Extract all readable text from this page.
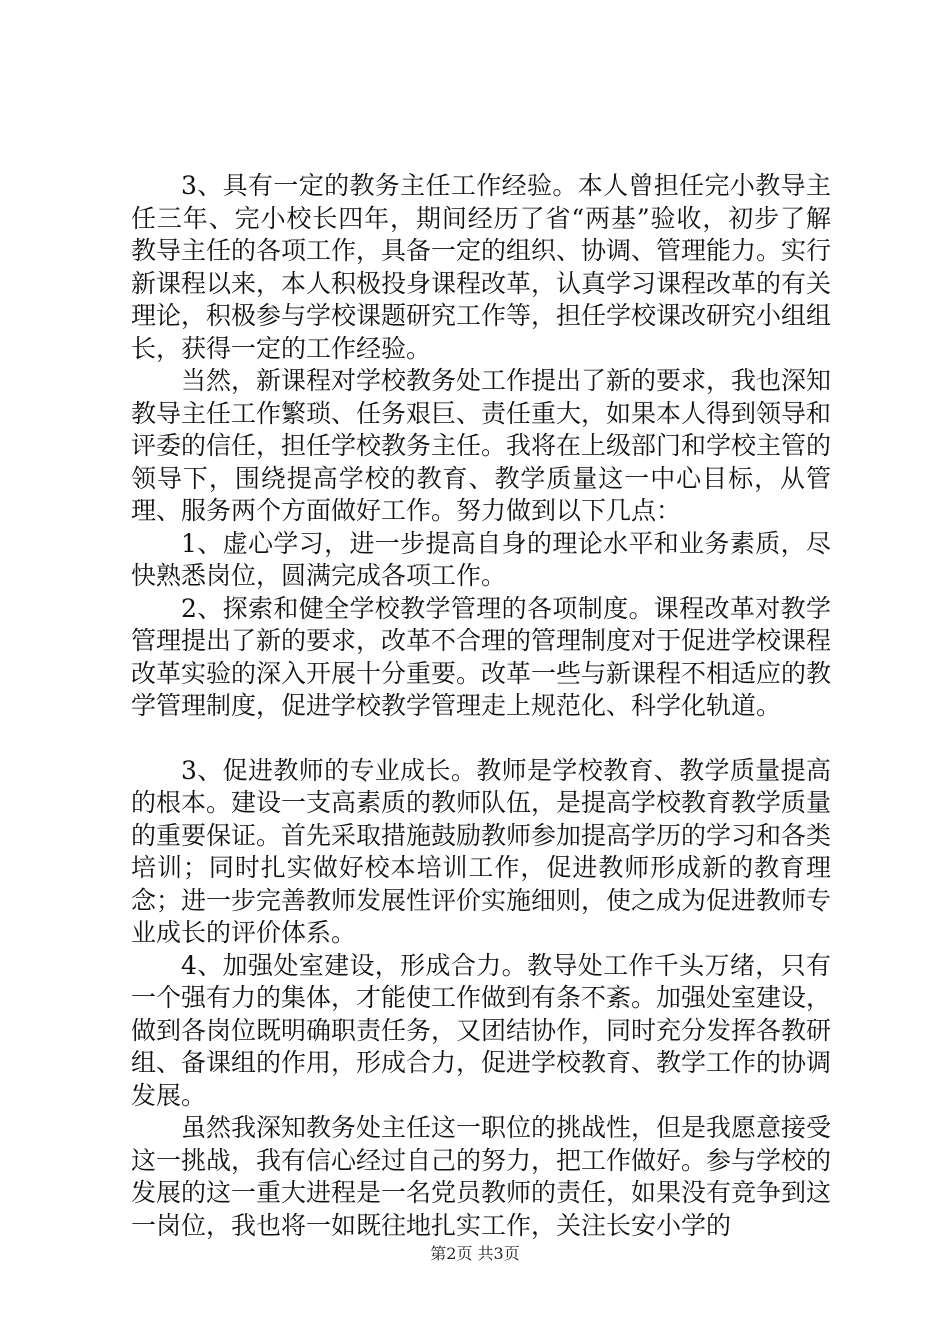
3、具有一定的教务主任工作经验。本人曾担任完小教导主任三年、完小校长四年，期间经历了省“两基”验收，初步了解教导主任的各项工作，具备一定的组织、协调、管理能力。实行新课程以来，本人积极投身课程改革，认真学习课程改革的有关理论，积极参与学校课题研究工作等，担任学校课改研究小组组长，获得一定的工作经验。

当然，新课程对学校教务处工作提出了新的要求，我也深知教导主任工作繁琐、任务艰巨、责任重大，如果本人得到领导和评委的信任，担任学校教务主任。我将在上级部门和学校主管的领导下，围绕提高学校的教育、教学质量这一中心目标，从管理、服务两个方面做好工作。努力做到以下几点：

1、虚心学习，进一步提高自身的理论水平和业务素质，尽快熟悉岗位，圆满完成各项工作。

2、探索和健全学校教学管理的各项制度。课程改革对教学管理提出了新的要求，改革不合理的管理制度对于促进学校课程改革实验的深入开展十分重要。改革一些与新课程不相适应的教学管理制度，促进学校教学管理走上规范化、科学化轨道。

3、促进教师的专业成长。教师是学校教育、教学质量提高的根本。建设一支高素质的教师队伍，是提高学校教育教学质量的重要保证。首先采取措施鼓励教师参加提高学历的学习和各类培训；同时扎实做好校本培训工作，促进教师形成新的教育理念；进一步完善教师发展性评价实施细则，使之成为促进教师专业成长的评价体系。

4、加强处室建设，形成合力。教导处工作千头万绪，只有一个强有力的集体，才能使工作做到有条不紊。加强处室建设，做到各岗位既明确职责任务，又团结协作，同时充分发挥各教研组、备课组的作用，形成合力，促进学校教育、教学工作的协调发展。

虽然我深知教务处主任这一职位的挑战性，但是我愿意接受这一挑战，我有信心经过自己的努力，把工作做好。参与学校的发展的这一重大进程是一名党员教师的责任，如果没有竞争到这一岗位，我也将一如既往地扎实工作，关注长安小学的

第2页 共3页
